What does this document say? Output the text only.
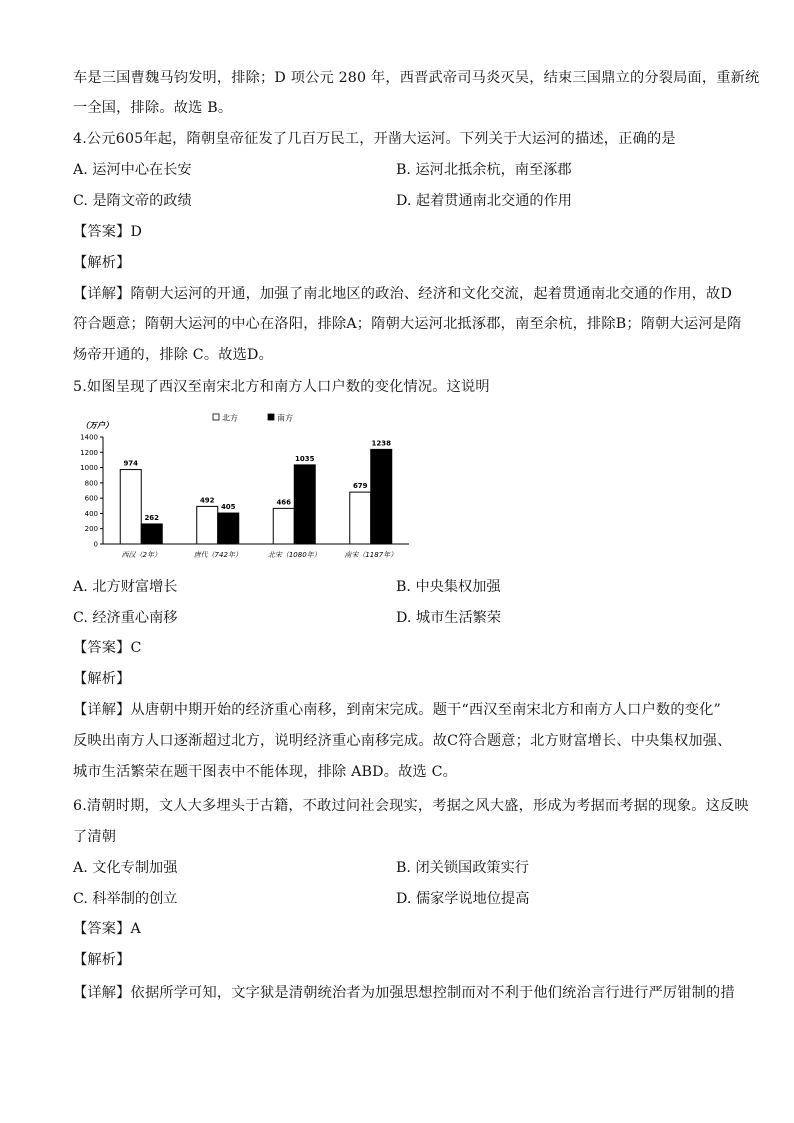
车是三国曹魏马钧发明，排除；D 项公元 280 年，西晋武帝司马炎灭吴，结束三国鼎立的分裂局面，重新统
一全国，排除。故选 B。
4.公元605年起，隋朝皇帝征发了几百万民工，开凿大运河。下列关于大运河的描述，正确的是
A. 运河中心在长安	B. 运河北抵余杭，南至涿郡
C. 是隋文帝的政绩	D. 起着贯通南北交通的作用
【答案】D
【解析】
【详解】隋朝大运河的开通，加强了南北地区的政治、经济和文化交流，起着贯通南北交通的作用，故D
符合题意；隋朝大运河的中心在洛阳，排除A；隋朝大运河北抵涿郡，南至余杭，排除B；隋朝大运河是隋
炀帝开通的，排除 C。故选D。
5.如图呈现了西汉至南宋北方和南方人口户数的变化情况。这说明
（万户）
北方	南方
0
200
400
600
800
1000
1200
1400
974
262
西汉（2年）
492
405
唐代（742年）
466
1035
北宋（1080年）
679
1238
南宋（1187年）
A. 北方财富增长	B. 中央集权加强
C. 经济重心南移	D. 城市生活繁荣
【答案】C
【解析】
【详解】从唐朝中期开始的经济重心南移，到南宋完成。题干“西汉至南宋北方和南方人口户数的变化”
反映出南方人口逐渐超过北方，说明经济重心南移完成。故C符合题意；北方财富增长、中央集权加强、
城市生活繁荣在题干图表中不能体现，排除 ABD。故选 C。
6.清朝时期，文人大多埋头于古籍，不敢过问社会现实，考据之风大盛，形成为考据而考据的现象。这反映
了清朝
A. 文化专制加强	B. 闭关锁国政策实行
C. 科举制的创立	D. 儒家学说地位提高
【答案】A
【解析】
【详解】依据所学可知，文字狱是清朝统治者为加强思想控制而对不利于他们统治言行进行严厉钳制的措
